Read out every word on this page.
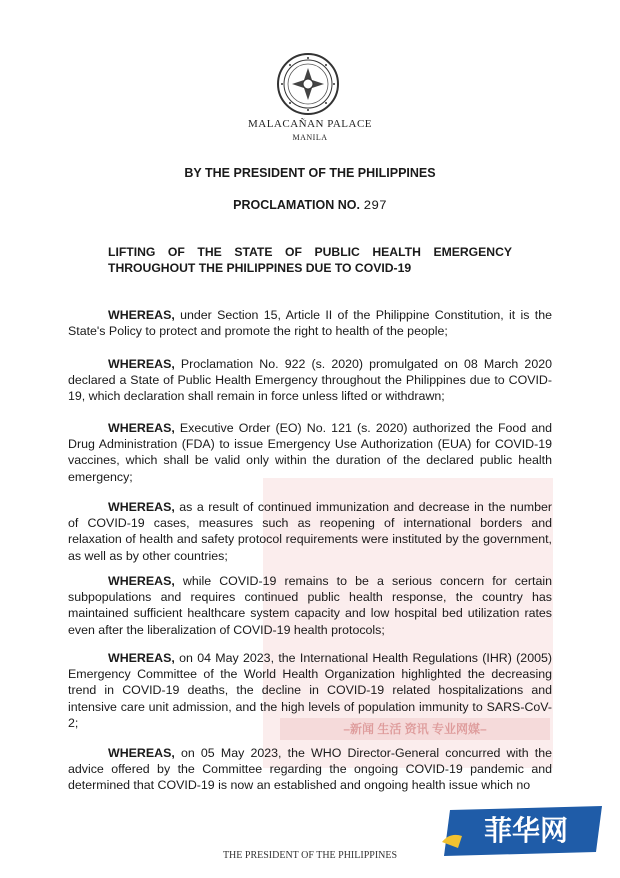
MALACAÑAN PALACE
MANILA
BY THE PRESIDENT OF THE PHILIPPINES
PROCLAMATION NO. 297
LIFTING OF THE STATE OF PUBLIC HEALTH EMERGENCY
THROUGHOUT THE PHILIPPINES DUE TO COVID-19
–新闻 生活 资讯 专业网媒–
WHEREAS, under Section 15, Article II of the Philippine Constitution, it is the State's Policy to protect and promote the right to health of the people;
WHEREAS, Proclamation No. 922 (s. 2020) promulgated on 08 March 2020 declared a State of Public Health Emergency throughout the Philippines due to COVID-19, which declaration shall remain in force unless lifted or withdrawn;
WHEREAS, Executive Order (EO) No. 121 (s. 2020) authorized the Food and Drug Administration (FDA) to issue Emergency Use Authorization (EUA) for COVID-19 vaccines, which shall be valid only within the duration of the declared public health emergency;
WHEREAS, as a result of continued immunization and decrease in the number of COVID-19 cases, measures such as reopening of international borders and relaxation of health and safety protocol requirements were instituted by the government, as well as by other countries;
WHEREAS, while COVID-19 remains to be a serious concern for certain subpopulations and requires continued public health response, the country has maintained sufficient healthcare system capacity and low hospital bed utilization rates even after the liberalization of COVID-19 health protocols;
WHEREAS, on 04 May 2023, the International Health Regulations (IHR) (2005) Emergency Committee of the World Health Organization highlighted the decreasing trend in COVID-19 deaths, the decline in COVID-19 related hospitalizations and intensive care unit admission, and the high levels of population immunity to SARS-CoV-2;
WHEREAS, on 05 May 2023, the WHO Director-General concurred with the advice offered by the Committee regarding the ongoing COVID-19 pandemic and determined that COVID-19 is now an established and ongoing health issue which no
菲华网
THE PRESIDENT OF THE PHILIPPINES
